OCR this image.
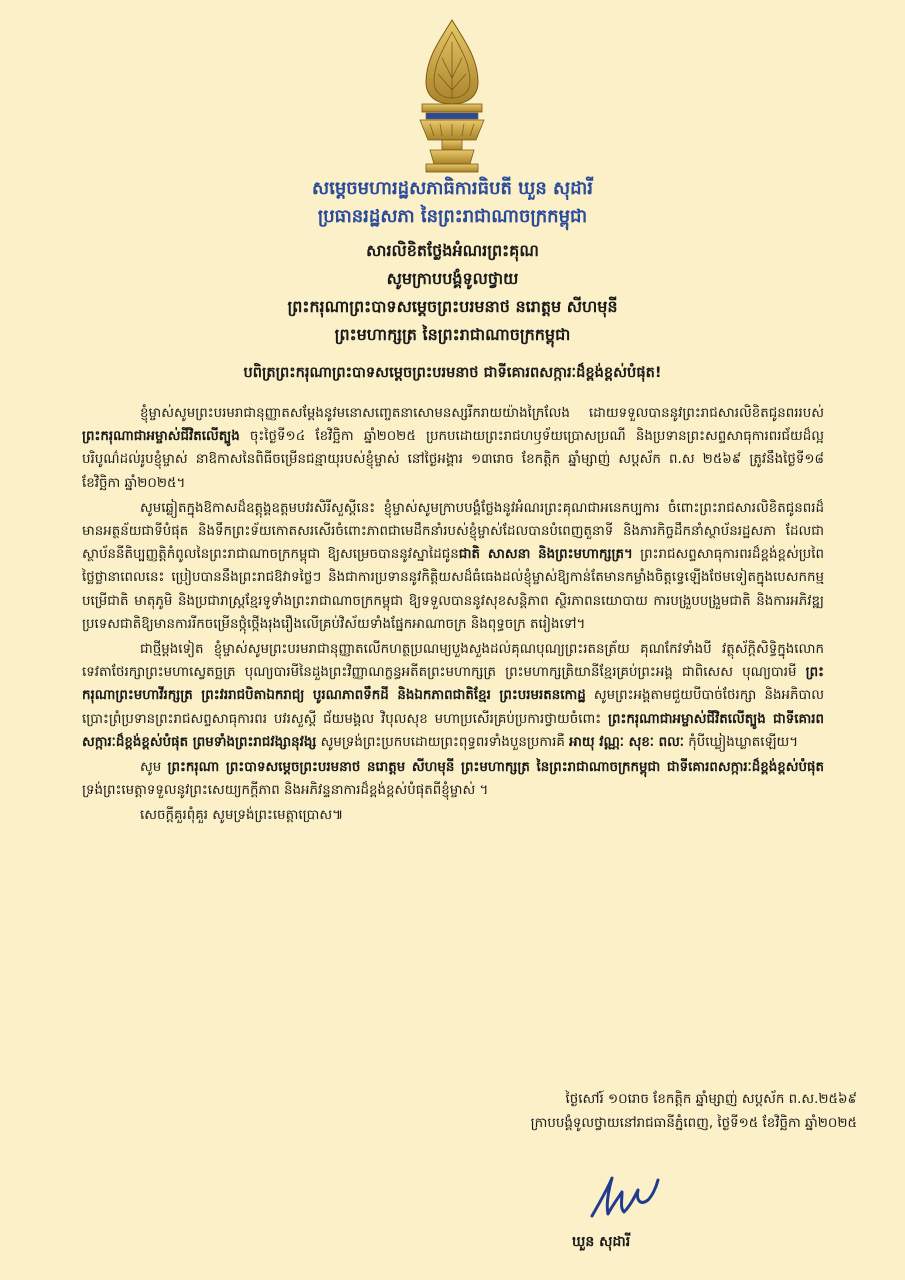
សម្តេចមហារដ្ឋសភាធិការធិបតី ឃួន សុដារី
ប្រធានរដ្ឋសភា នៃព្រះរាជាណាចក្រកម្ពុជា
សារលិខិតថ្លែងអំណរព្រះគុណ
សូមក្រាបបង្គំទូលថ្វាយ
ព្រះករុណាព្រះបាទសម្តេចព្រះបរមនាថ នរោត្តម សីហមុនី
ព្រះមហាក្សត្រ នៃព្រះរាជាណាចក្រកម្ពុជា
បពិត្រព្រះករុណាព្រះបាទសម្តេចព្រះបរមនាថ ជាទីគោរពសក្ការៈដ៏ខ្ពង់ខ្ពស់បំផុត!

ខ្ញុំម្ចាស់សូមព្រះបរមរាជានុញ្ញាតសម្តែងនូវមនោសញ្ចេតនាសោមនស្សរីករាយយ៉ាងក្រៃលែង ដោយទទួលបាននូវព្រះរាជសារលិខិតជូនពររបស់ ព្រះករុណាជាអម្ចាស់ជីវិតលើត្បូង ចុះថ្ងៃទី១៤ ខែវិច្ឆិកា ឆ្នាំ២០២៥ ប្រកបដោយព្រះរាជហឫទ័យប្រោសប្រណី និងប្រទានព្រះសព្ទសាធុការពរជ័យដ៏ល្អបរិបូណ៌ដល់រូបខ្ញុំម្ចាស់ នាឱកាសនៃពិធីចម្រើនជន្មាយុរបស់ខ្ញុំម្ចាស់ នៅថ្ងៃអង្គារ ១៣រោច ខែកត្តិក ឆ្នាំម្សាញ់ សប្តស័ក ព.ស ២៥៦៩ ត្រូវនឹងថ្ងៃទី១៨ ខែវិច្ឆិកា ឆ្នាំ២០២៥។

សូមឆ្លៀតក្នុងឱកាសដ៏ឧត្តុង្គឧត្តមបវរសិរីសួស្តីនេះ ខ្ញុំម្ចាស់សូមក្រាបបង្គំថ្លែងនូវអំណរព្រះគុណជាអនេកប្បការ ចំពោះព្រះរាជសារលិខិតជូនពរដ៏មានអត្ថន័យជាទីបំផុត និងទឹកព្រះទ័យកោតសរសើរចំពោះភាពជាមេដឹកនាំរបស់ខ្ញុំម្ចាស់ដែលបានបំពេញតួនាទី និងភារកិច្ចដឹកនាំស្ថាប័នរដ្ឋសភា ដែលជាស្ថាប័ននីតិប្បញ្ញត្តិកំពូលនៃព្រះរាជាណាចក្រកម្ពុជា ឱ្យសម្រេចបាននូវស្នាដៃជូនជាតិ សាសនា និងព្រះមហាក្សត្រ។ ព្រះរាជសព្ទសាធុការពរដ៏ខ្ពង់ខ្ពស់ប្រពៃថ្លៃថ្លានាពេលនេះ ប្រៀបបាននឹងព្រះរាជឱវាទថ្លៃៗ និងជាការប្រទាននូវកិត្តិយសដ៏ធំធេងដល់ខ្ញុំម្ចាស់ឱ្យកាន់តែមានកម្លាំងចិត្តទ្វេឡើងថែមទៀតក្នុងបេសកកម្មបម្រើជាតិ មាតុភូមិ និងប្រជារាស្ត្រខ្មែរទូទាំងព្រះរាជាណាចក្រកម្ពុជា ឱ្យទទួលបាននូវសុខសន្តិភាព ស្ថិរភាពនយោបាយ ការបង្រួបបង្រួមជាតិ និងការអភិវឌ្ឍប្រទេសជាតិឱ្យមានការរីកចម្រើនថ្កុំថ្កើងរុងរឿងលើគ្រប់វិស័យទាំងផ្នែកអាណាចក្រ និងពុទ្ធចក្រ តរៀងទៅ។

ជាថ្មីម្តងទៀត ខ្ញុំម្ចាស់សូមព្រះបរមរាជានុញ្ញាតលើកហត្ថប្រណម្យបួងសួងដល់គុណបុណ្យព្រះរតនត្រ័យ គុណកែវទាំងបី វត្ថុស័ក្តិសិទ្ធិក្នុងលោក ទេវតាថែរក្សាព្រះមហាស្វេតច្ឆត្រ បុណ្យបារមីនៃដួងព្រះវិញ្ញាណក្ខន្ធអតីតព្រះមហាក្សត្រ ព្រះមហាក្សត្រិយានីខ្មែរគ្រប់ព្រះអង្គ ជាពិសេស បុណ្យបារមី ព្រះករុណាព្រះមហាវីរក្សត្រ ព្រះវររាជបិតាឯករាជ្យ បូរណភាពទឹកដី និងឯកភាពជាតិខ្មែរ ព្រះបរមរតនកោដ្ឋ សូមព្រះអង្គតាមជួយបីបាច់ថែរក្សា និងអភិបាលប្រោះព្រំប្រទានព្រះរាជសព្ទសាធុការពរ បវរសួស្តី ជ័យមង្គល វិបុលសុខ មហាប្រសើរគ្រប់ប្រការថ្វាយចំពោះ ព្រះករុណាជាអម្ចាស់ជីវិតលើត្បូង ជាទីគោរពសក្ការៈដ៏ខ្ពង់ខ្ពស់បំផុត ព្រមទាំងព្រះរាជវង្សានុវង្ស សូមទ្រង់ព្រះប្រកបដោយព្រះពុទ្ធពរទាំងបួនប្រការគឺ អាយុ វណ្ណៈ សុខៈ ពលៈ កុំបីឃ្លៀងឃ្លាតឡើយ។

សូម ព្រះករុណា ព្រះបាទសម្តេចព្រះបរមនាថ នរោត្តម សីហមុនី ព្រះមហាក្សត្រ នៃព្រះរាជាណាចក្រកម្ពុជា ជាទីគោរពសក្ការៈដ៏ខ្ពង់ខ្ពស់បំផុត ទ្រង់ព្រះមេត្តាទទួលនូវព្រះសេយ្យកក្តីភាព និងអភិវន្ទនាការដ៏ខ្ពង់ខ្ពស់បំផុតពីខ្ញុំម្ចាស់ ។

សេចក្តីគួរពុំគួរ សូមទ្រង់ព្រះមេត្តាប្រោស៕

ថ្ងៃសៅរ៍ ១០រោច ខែកត្តិក ឆ្នាំម្សាញ់ សប្តស័ក ព.ស.២៥៦៩
ក្រាបបង្គំទូលថ្វាយនៅរាជធានីភ្នំពេញ, ថ្ងៃទី១៥ ខែវិច្ឆិកា ឆ្នាំ២០២៥
ឃួន សុដារី
